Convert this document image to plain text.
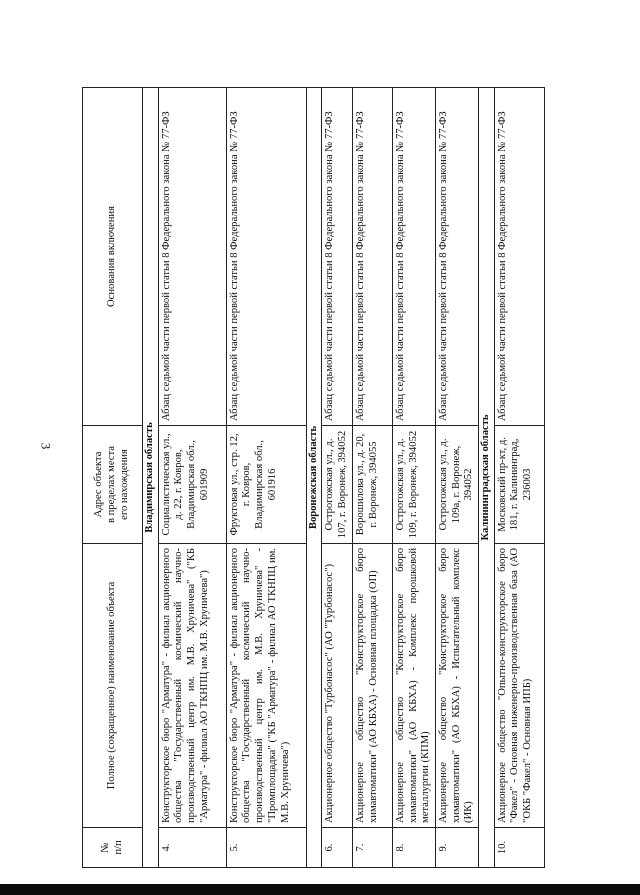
3
№
п/п	Полное (сокращенное) наименование объекта	Адрес объекта
в пределах места
его нахождения	Основания включения
Владимирская область			
4.	Конструкторское бюро "Арматура" - филиал акционерного общества "Государственный космический научно-производственный центр им. М.В. Хруничева" ("КБ "Арматура" - филиал АО ТКНПЦ им. М.В. Хруничева")	Социалистическая ул., д. 22, г. Ковров, Владимирская обл., 601909	Абзац седьмой части первой статьи 8 Федерального закона № 77-ФЗ
5.	Конструкторское бюро "Арматура" - филиал акционерного общества "Государственный космический научно-производственный центр им. М.В. Хруничева" - "Промплощадка" ("КБ "Арматура" - филиал АО ТКНПЦ им. М.В. Хруничева")	Фруктовая ул., стр. 12, г. Ковров, Владимирская обл., 601916	Абзац седьмой части первой статьи 8 Федерального закона № 77-ФЗ
Воронежская область			
6.	Акционерное общество "Турбонасос" (АО "Турбонасос")	Острогожская ул., д. 107, г. Воронеж, 394052	Абзац седьмой части первой статьи 8 Федерального закона № 77-ФЗ
7.	Акционерное общество "Конструкторское бюро химавтоматики" (АО КБХА) - Основная площадка (ОП)	Ворошилова ул., д. 20, г. Воронеж, 394055	Абзац седьмой части первой статьи 8 Федерального закона № 77-ФЗ
8.	Акционерное общество "Конструкторское бюро химавтоматики" (АО КБХА) - Комплекс порошковой металлургии (КПМ)	Острогожская ул., д. 109, г. Воронеж, 394052	Абзац седьмой части первой статьи 8 Федерального закона № 77-ФЗ
9.	Акционерное общество "Конструкторское бюро химавтоматики" (АО КБХА) - Испытательный комплекс (ИК)	Острогожская ул., д. 109а, г. Воронеж, 394052	Абзац седьмой части первой статьи 8 Федерального закона № 77-ФЗ
Калининградская область			
10.	Акционерное общество "Опытно-конструкторское бюро "Факел" - Основная инженерно-производственная база (АО "ОКБ "Факел" - Основная ИПБ)	Московский пр-кт, д. 181, г. Калининград, 236003	Абзац седьмой части первой статьи 8 Федерального закона № 77-ФЗ
